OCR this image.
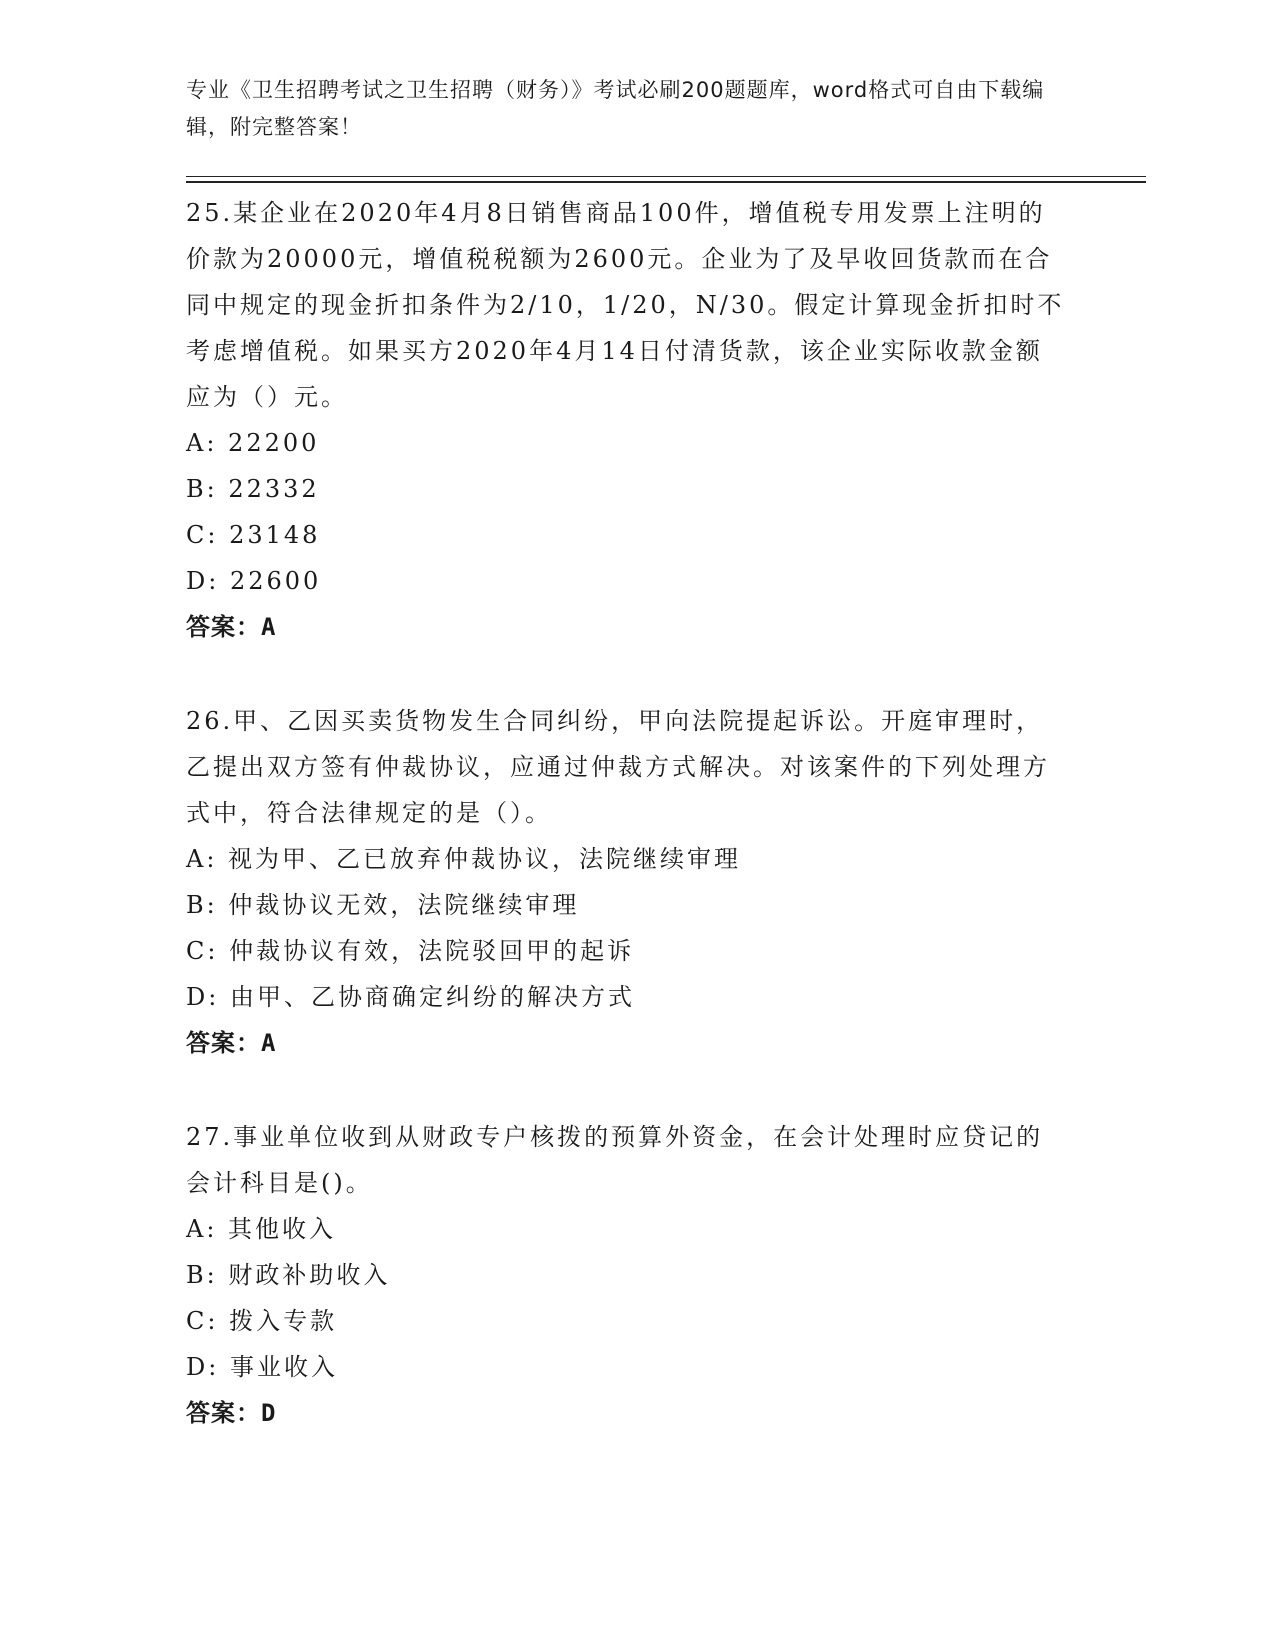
专业《卫生招聘考试之卫生招聘（财务）》考试必刷200题题库，word格式可自由下载编辑，附完整答案！

25.某企业在2020年4月8日销售商品100件，增值税专用发票上注明的价款为20000元，增值税税额为2600元。企业为了及早收回货款而在合同中规定的现金折扣条件为2/10，1/20，N/30。假定计算现金折扣时不考虑增值税。如果买方2020年4月14日付清货款，该企业实际收款金额应为（）元。

A: 22200

B: 22332

C: 23148

D: 22600

答案：A

26.甲、乙因买卖货物发生合同纠纷，甲向法院提起诉讼。开庭审理时，乙提出双方签有仲裁协议，应通过仲裁方式解决。对该案件的下列处理方式中，符合法律规定的是（）。

A: 视为甲、乙已放弃仲裁协议，法院继续审理

B: 仲裁协议无效，法院继续审理

C: 仲裁协议有效，法院驳回甲的起诉

D: 由甲、乙协商确定纠纷的解决方式

答案：A

27.事业单位收到从财政专户核拨的预算外资金，在会计处理时应贷记的会计科目是()。

A: 其他收入

B: 财政补助收入

C: 拨入专款

D: 事业收入

答案：D
